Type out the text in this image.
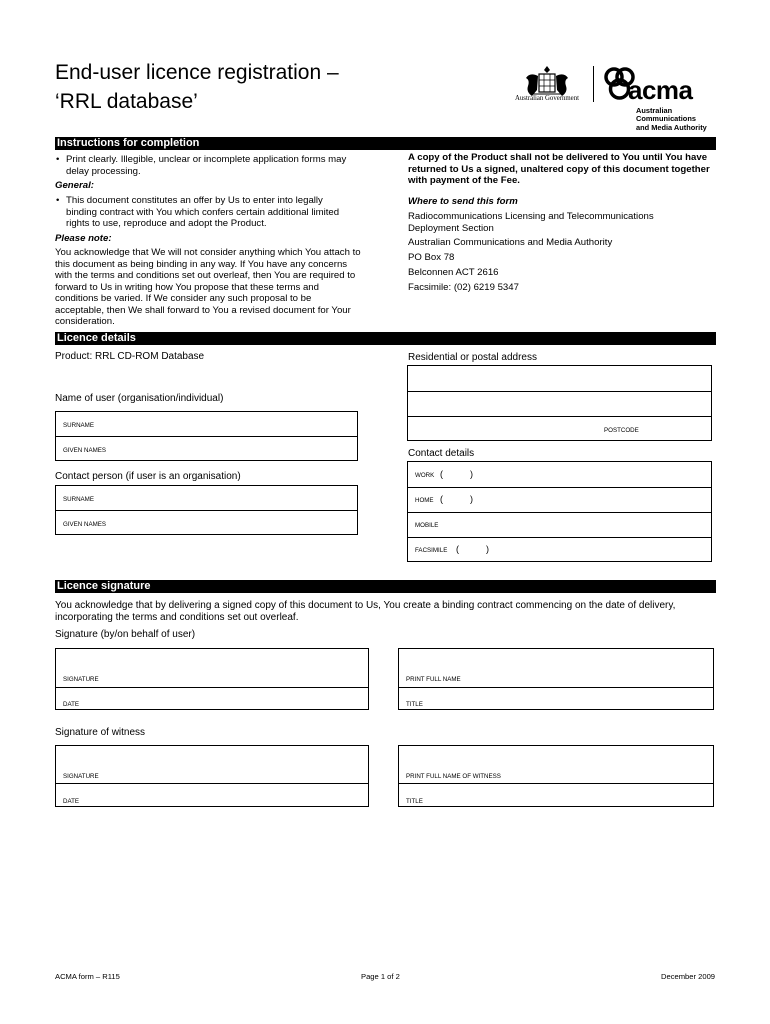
End-user licence registration –
‘RRL database’	Australian Government acma
Australian
Communications
and Media Authority
Instructions for completion
• Print clearly. Illegible, unclear or incomplete application forms may delay processing.
General:
• This document constitutes an offer by Us to enter into legally binding contract with You which confers certain additional limited rights to use, reproduce and adopt the Product.
Please note:
You acknowledge that We will not consider anything which You attach to this document as being binding in any way. If You have any concerns with the terms and conditions set out overleaf, then You are required to forward to Us in writing how You propose that these terms and conditions be varied. If We consider any such proposal to be acceptable, then We shall forward to You a revised document for Your consideration.
A copy of the Product shall not be delivered to You until You have returned to Us a signed, unaltered copy of this document together with payment of the Fee.
Where to send this form
Radiocommunications Licensing and Telecommunications Deployment Section
Australian Communications and Media Authority
PO Box 78
Belconnen ACT 2616
Facsimile: (02) 6219 5347
Licence details
Product: RRL CD-ROM Database
Name of user (organisation/individual)
SURNAME
GIVEN NAMES
Contact person (if user is an organisation)
SURNAME
GIVEN NAMES
Residential or postal address
POSTCODE
Contact details
WORK (	)
HOME (	)
MOBILE
FACSIMILE (	)
Licence signature
You acknowledge that by delivering a signed copy of this document to Us, You create a binding contract commencing on the date of delivery, incorporating the terms and conditions set out overleaf.
Signature (by/on behalf of user)
SIGNATURE
DATE
PRINT FULL NAME
TITLE
Signature of witness
SIGNATURE
DATE
PRINT FULL NAME OF WITNESS
TITLE
ACMA form – R115	Page 1 of 2	December 2009
